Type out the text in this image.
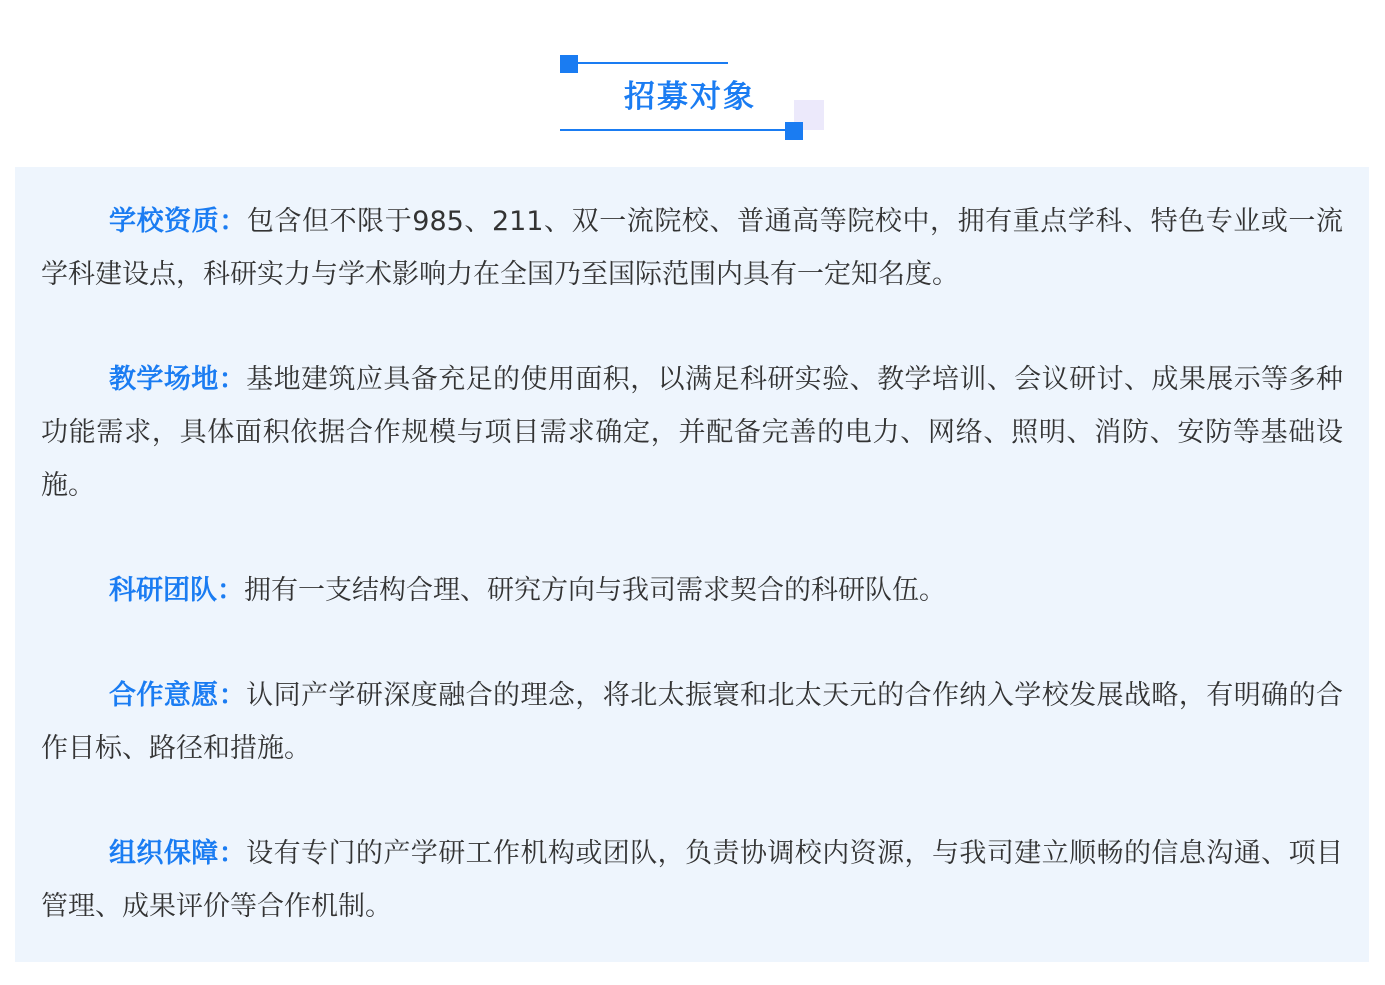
招募对象

学校资质：包含但不限于985、211、双一流院校、普通高等院校中，拥有重点学科、特色专业或一流学科建设点，科研实力与学术影响力在全国乃至国际范围内具有一定知名度。

教学场地：基地建筑应具备充足的使用面积，以满足科研实验、教学培训、会议研讨、成果展示等多种功能需求，具体面积依据合作规模与项目需求确定，并配备完善的电力、网络、照明、消防、安防等基础设施。

科研团队：拥有一支结构合理、研究方向与我司需求契合的科研队伍。

合作意愿：认同产学研深度融合的理念，将北太振寰和北太天元的合作纳入学校发展战略，有明确的合作目标、路径和措施。

组织保障：设有专门的产学研工作机构或团队，负责协调校内资源，与我司建立顺畅的信息沟通、项目管理、成果评价等合作机制。
